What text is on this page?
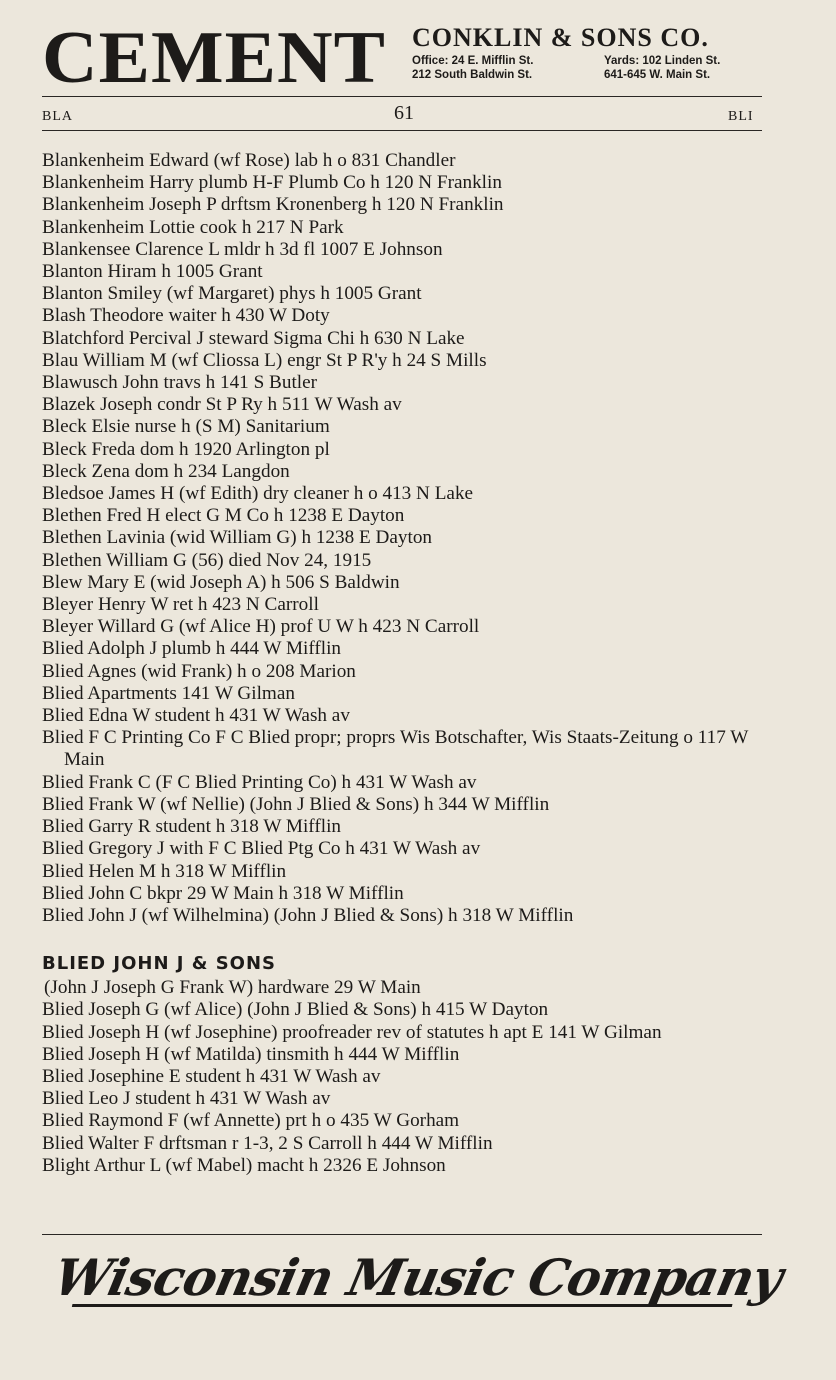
CEMENT CONKLIN & SONS CO.
Office: 24 E. Mifflin St.
212 South Baldwin St.
Yards: 102 Linden St.
641-645 W. Main St.
BLA	61	BLI
Blankenheim Edward (wf Rose) lab h o 831 Chandler
Blankenheim Harry plumb H-F Plumb Co h 120 N Franklin
Blankenheim Joseph P drftsm Kronenberg h 120 N Franklin
Blankenheim Lottie cook h 217 N Park
Blankensee Clarence L mldr h 3d fl 1007 E Johnson
Blanton Hiram h 1005 Grant
Blanton Smiley (wf Margaret) phys h 1005 Grant
Blash Theodore waiter h 430 W Doty
Blatchford Percival J steward Sigma Chi h 630 N Lake
Blau William M (wf Cliossa L) engr St P R'y h 24 S Mills
Blawusch John travs h 141 S Butler
Blazek Joseph condr St P Ry h 511 W Wash av
Bleck Elsie nurse h (S M) Sanitarium
Bleck Freda dom h 1920 Arlington pl
Bleck Zena dom h 234 Langdon
Bledsoe James H (wf Edith) dry cleaner h o 413 N Lake
Blethen Fred H elect G M Co h 1238 E Dayton
Blethen Lavinia (wid William G) h 1238 E Dayton
Blethen William G (56) died Nov 24, 1915
Blew Mary E (wid Joseph A) h 506 S Baldwin
Bleyer Henry W ret h 423 N Carroll
Bleyer Willard G (wf Alice H) prof U W h 423 N Carroll
Blied Adolph J plumb h 444 W Mifflin
Blied Agnes (wid Frank) h o 208 Marion
Blied Apartments 141 W Gilman
Blied Edna W student h 431 W Wash av
Blied F C Printing Co F C Blied propr; proprs Wis Botschafter, Wis Staats-Zeitung o 117 W Main
Blied Frank C (F C Blied Printing Co) h 431 W Wash av
Blied Frank W (wf Nellie) (John J Blied & Sons) h 344 W Mifflin
Blied Garry R student h 318 W Mifflin
Blied Gregory J with F C Blied Ptg Co h 431 W Wash av
Blied Helen M h 318 W Mifflin
Blied John C bkpr 29 W Main h 318 W Mifflin
Blied John J (wf Wilhelmina) (John J Blied & Sons) h 318 W Mifflin
BLIED JOHN J & SONS
(John J Joseph G Frank W) hardware 29 W Main
Blied Joseph G (wf Alice) (John J Blied & Sons) h 415 W Dayton
Blied Joseph H (wf Josephine) proofreader rev of statutes h apt E 141 W Gilman
Blied Joseph H (wf Matilda) tinsmith h 444 W Mifflin
Blied Josephine E student h 431 W Wash av
Blied Leo J student h 431 W Wash av
Blied Raymond F (wf Annette) prt h o 435 W Gorham
Blied Walter F drftsman r 1-3, 2 S Carroll h 444 W Mifflin
Blight Arthur L (wf Mabel) macht h 2326 E Johnson
Wisconsin Music Company
